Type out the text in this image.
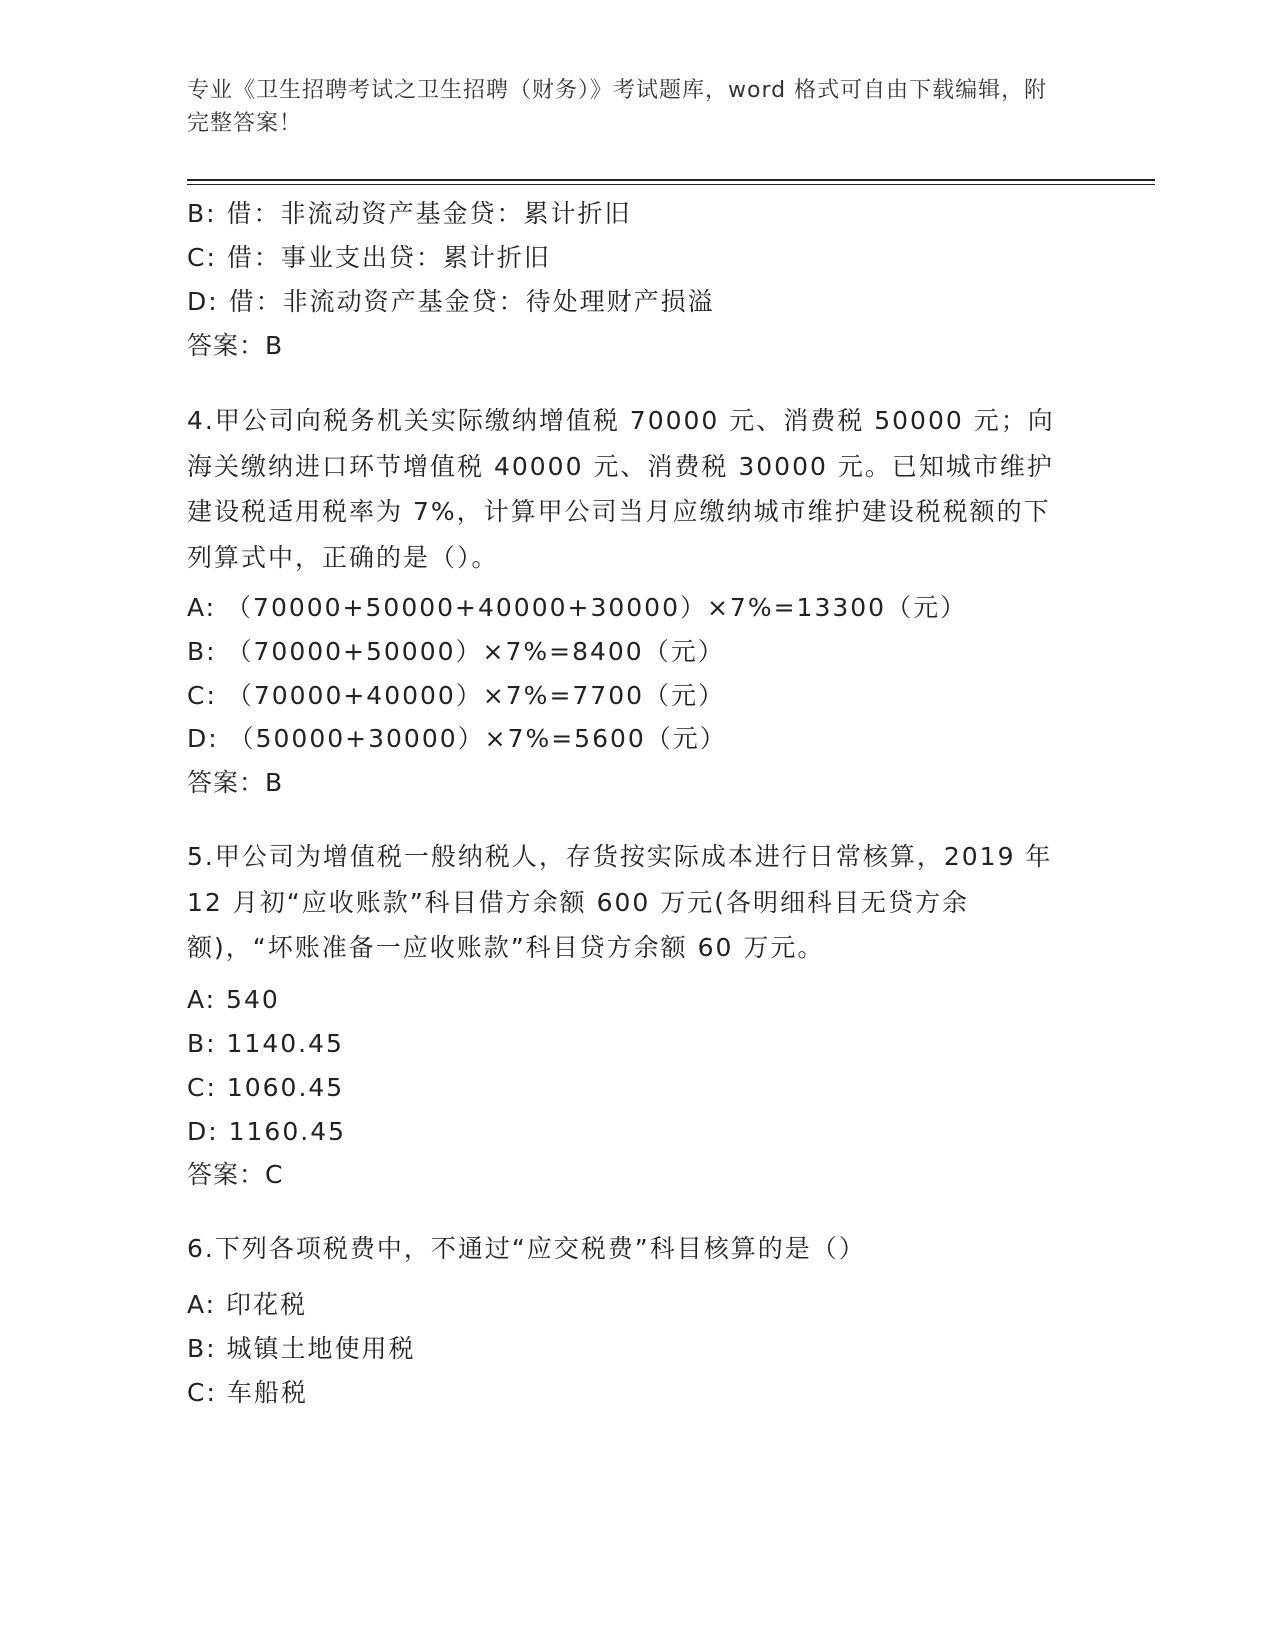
专业《卫生招聘考试之卫生招聘（财务）》考试题库，word 格式可自由下载编辑，附完整答案！
B: 借：非流动资产基金贷：累计折旧
C: 借：事业支出贷：累计折旧
D: 借：非流动资产基金贷：待处理财产损溢
答案：B
4.甲公司向税务机关实际缴纳增值税 70000 元、消费税 50000 元；向海关缴纳进口环节增值税 40000 元、消费税 30000 元。已知城市维护建设税适用税率为 7%，计算甲公司当月应缴纳城市维护建设税税额的下列算式中，正确的是（）。
A: （70000+50000+40000+30000）×7%=13300（元）
B: （70000+50000）×7%=8400（元）
C: （70000+40000）×7%=7700（元）
D: （50000+30000）×7%=5600（元）
答案：B
5.甲公司为增值税一般纳税人，存货按实际成本进行日常核算，2019 年 12 月初“应收账款”科目借方余额 600 万元(各明细科目无贷方余额)，“坏账准备一应收账款”科目贷方余额 60 万元。
A: 540
B: 1140.45
C: 1060.45
D: 1160.45
答案：C
6.下列各项税费中，不通过“应交税费”科目核算的是（）
A: 印花税
B: 城镇土地使用税
C: 车船税
